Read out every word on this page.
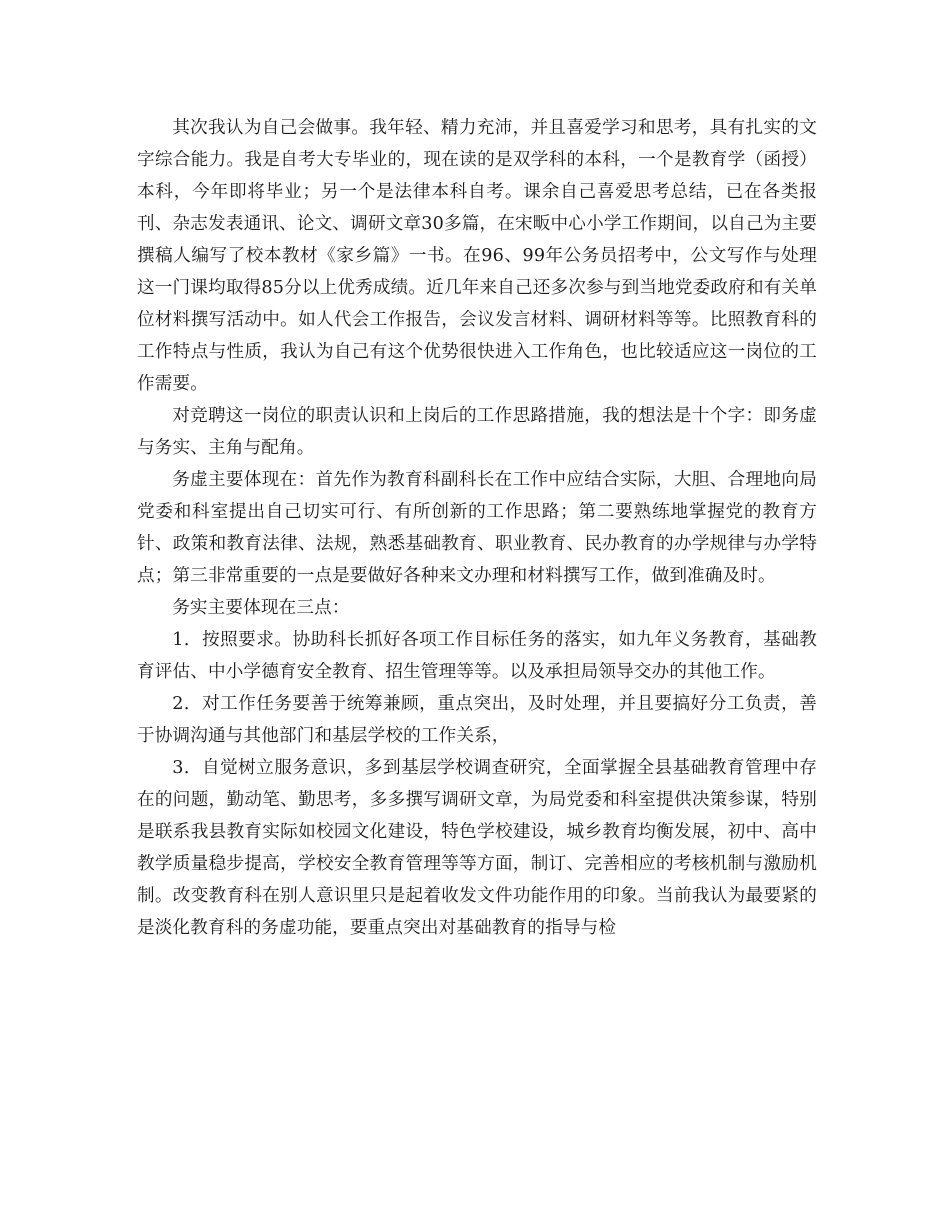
其次我认为自己会做事。我年轻、精力充沛，并且喜爱学习和思考，具有扎实的文字综合能力。我是自考大专毕业的，现在读的是双学科的本科，一个是教育学（函授）本科，今年即将毕业；另一个是法律本科自考。课余自己喜爱思考总结，已在各类报刊、杂志发表通讯、论文、调研文章30多篇，在宋畈中心小学工作期间，以自己为主要撰稿人编写了校本教材《家乡篇》一书。在96、99年公务员招考中，公文写作与处理这一门课均取得85分以上优秀成绩。近几年来自己还多次参与到当地党委政府和有关单位材料撰写活动中。如人代会工作报告，会议发言材料、调研材料等等。比照教育科的工作特点与性质，我认为自己有这个优势很快进入工作角色，也比较适应这一岗位的工作需要。

对竞聘这一岗位的职责认识和上岗后的工作思路措施，我的想法是十个字：即务虚与务实、主角与配角。

务虚主要体现在：首先作为教育科副科长在工作中应结合实际，大胆、合理地向局党委和科室提出自己切实可行、有所创新的工作思路；第二要熟练地掌握党的教育方针、政策和教育法律、法规，熟悉基础教育、职业教育、民办教育的办学规律与办学特点；第三非常重要的一点是要做好各种来文办理和材料撰写工作，做到准确及时。

务实主要体现在三点：

1．按照要求。协助科长抓好各项工作目标任务的落实，如九年义务教育，基础教育评估、中小学德育安全教育、招生管理等等。以及承担局领导交办的其他工作。

2．对工作任务要善于统筹兼顾，重点突出，及时处理，并且要搞好分工负责，善于协调沟通与其他部门和基层学校的工作关系，

3．自觉树立服务意识，多到基层学校调查研究，全面掌握全县基础教育管理中存在的问题，勤动笔、勤思考，多多撰写调研文章，为局党委和科室提供决策参谋，特别是联系我县教育实际如校园文化建设，特色学校建设，城乡教育均衡发展，初中、高中教学质量稳步提高，学校安全教育管理等等方面，制订、完善相应的考核机制与激励机制。改变教育科在别人意识里只是起着收发文件功能作用的印象。当前我认为最要紧的是淡化教育科的务虚功能，要重点突出对基础教育的指导与检
